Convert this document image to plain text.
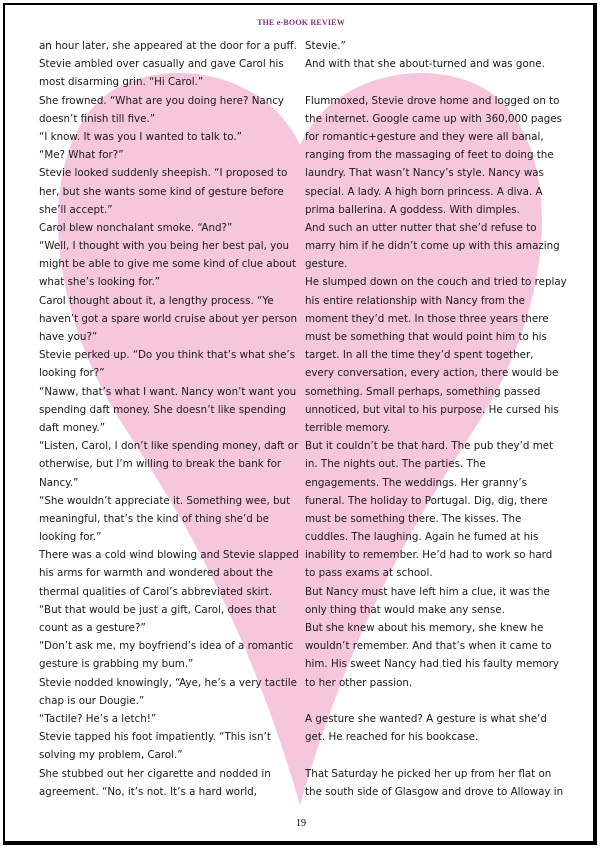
THE e-BOOK REVIEW
an hour later, she appeared at the door for a puff.
Stevie ambled over casually and gave Carol his
most disarming grin. “Hi Carol.”
She frowned. “What are you doing here? Nancy
doesn’t finish till five.”
“I know. It was you I wanted to talk to.”
“Me? What for?”
Stevie looked suddenly sheepish. “I proposed to
her, but she wants some kind of gesture before
she’ll accept.”
Carol blew nonchalant smoke. “And?”
“Well, I thought with you being her best pal, you
might be able to give me some kind of clue about
what she’s looking for.”
Carol thought about it, a lengthy process. “Ye
haven’t got a spare world cruise about yer person
have you?”
Stevie perked up. “Do you think that’s what she’s
looking for?”
“Naww, that’s what I want. Nancy won’t want you
spending daft money. She doesn’t like spending
daft money.”
“Listen, Carol, I don’t like spending money, daft or
otherwise, but I’m willing to break the bank for
Nancy.”
“She wouldn’t appreciate it. Something wee, but
meaningful, that’s the kind of thing she’d be
looking for.”
There was a cold wind blowing and Stevie slapped
his arms for warmth and wondered about the
thermal qualities of Carol’s abbreviated skirt.
“But that would be just a gift, Carol, does that
count as a gesture?”
“Don’t ask me, my boyfriend’s idea of a romantic
gesture is grabbing my bum.”
Stevie nodded knowingly, “Aye, he’s a very tactile
chap is our Dougie.”
“Tactile? He’s a letch!”
Stevie tapped his foot impatiently. “This isn’t
solving my problem, Carol.”
She stubbed out her cigarette and nodded in
agreement. “No, it’s not. It’s a hard world,
Stevie.”
And with that she about-turned and was gone.
Flummoxed, Stevie drove home and logged on to
the internet. Google came up with 360,000 pages
for romantic+gesture and they were all banal,
ranging from the massaging of feet to doing the
laundry. That wasn’t Nancy’s style. Nancy was
special. A lady. A high born princess. A diva. A
prima ballerina. A goddess. With dimples.
And such an utter nutter that she’d refuse to
marry him if he didn’t come up with this amazing
gesture.
He slumped down on the couch and tried to replay
his entire relationship with Nancy from the
moment they’d met. In those three years there
must be something that would point him to his
target. In all the time they’d spent together,
every conversation, every action, there would be
something. Small perhaps, something passed
unnoticed, but vital to his purpose. He cursed his
terrible memory.
But it couldn’t be that hard. The pub they’d met
in. The nights out. The parties. The
engagements. The weddings. Her granny’s
funeral. The holiday to Portugal. Dig, dig, there
must be something there. The kisses. The
cuddles. The laughing. Again he fumed at his
inability to remember. He’d had to work so hard
to pass exams at school.
But Nancy must have left him a clue, it was the
only thing that would make any sense.
But she knew about his memory, she knew he
wouldn’t remember. And that’s when it came to
him. His sweet Nancy had tied his faulty memory
to her other passion.
A gesture she wanted? A gesture is what she’d
get. He reached for his bookcase.
That Saturday he picked her up from her flat on
the south side of Glasgow and drove to Alloway in
19
